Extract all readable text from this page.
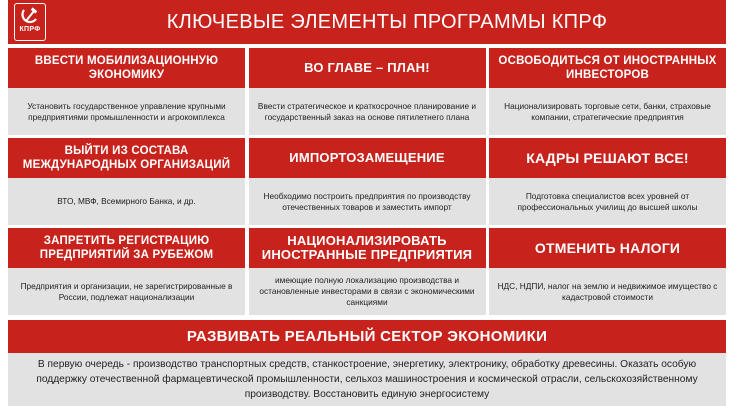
КПРФ	КЛЮЧЕВЫЕ ЭЛЕМЕНТЫ ПРОГРАММЫ КПРФ
ВВЕСТИ МОБИЛИЗАЦИОННУЮ ЭКОНОМИКУ
Установить государственное управление крупными предприятиями промышленности и агрокомплекса
ВО ГЛАВЕ – ПЛАН!
Ввести стратегическое и краткосрочное планирование и государственный заказ на основе пятилетнего плана
ОСВОБОДИТЬСЯ ОТ ИНОСТРАННЫХ ИНВЕСТОРОВ
Национализировать торговые сети, банки, страховые компании, стратегические предприятия
ВЫЙТИ ИЗ СОСТАВА МЕЖДУНАРОДНЫХ ОРГАНИЗАЦИЙ
ВТО, МВФ, Всемирного Банка, и др.
ИМПОРТОЗАМЕЩЕНИЕ
Необходимо построить предприятия по производству отечественных товаров и заместить импорт
КАДРЫ РЕШАЮТ ВСЕ!
Подготовка специалистов всех уровней от профессиональных училищ до высшей школы
ЗАПРЕТИТЬ РЕГИСТРАЦИЮ ПРЕДПРИЯТИЙ ЗА РУБЕЖОМ
Предприятия и организации, не зарегистрированные в России, подлежат национализации
НАЦИОНАЛИЗИРОВАТЬ ИНОСТРАННЫЕ ПРЕДПРИЯТИЯ
имеющие полную локализацию производства и остановленные инвесторами в связи с экономическими санкциями
ОТМЕНИТЬ НАЛОГИ
НДС, НДПИ, налог на землю и недвижимое имущество с кадастровой стоимости
РАЗВИВАТЬ РЕАЛЬНЫЙ СЕКТОР ЭКОНОМИКИ
В первую очередь - производство транспортных средств, станкостроение, энергетику, электронику, обработку древесины. Оказать особую поддержку отечественной фармацевтической промышленности, сельхоз машиностроения и космической отрасли, сельскохозяйственному производству. Восстановить единую энергосистему
